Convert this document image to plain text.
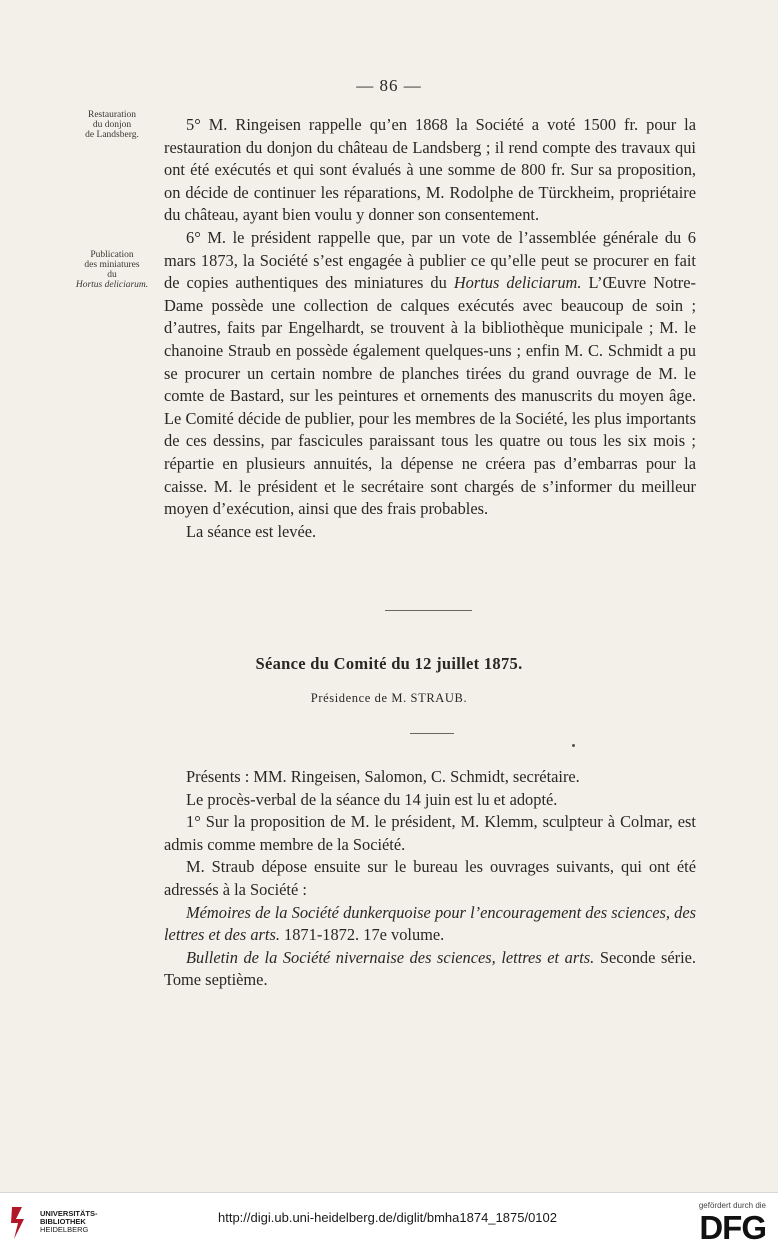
— 86 —
Restauration
du donjon
de Landsberg.
Publication
des miniatures
du
Hortus deliciarum.

5° M. Ringeisen rappelle qu’en 1868 la Société a voté 1500 fr. pour la restauration du donjon du château de Landsberg ; il rend compte des travaux qui ont été exécutés et qui sont évalués à une somme de 800 fr. Sur sa proposition, on décide de continuer les réparations, M. Rodolphe de Türckheim, propriétaire du château, ayant bien voulu y donner son consentement.

6° M. le président rappelle que, par un vote de l’assemblée générale du 6 mars 1873, la Société s’est engagée à publier ce qu’elle peut se procurer en fait de copies authentiques des miniatures du Hortus deliciarum. L’Œuvre Notre-Dame possède une collection de calques exécutés avec beaucoup de soin ; d’autres, faits par Engelhardt, se trouvent à la bibliothèque municipale ; M. le chanoine Straub en possède également quelques-uns ; enfin M. C. Schmidt a pu se procurer un certain nombre de planches tirées du grand ouvrage de M. le comte de Bastard, sur les peintures et ornements des manuscrits du moyen âge. Le Comité décide de publier, pour les membres de la Société, les plus importants de ces dessins, par fascicules paraissant tous les quatre ou tous les six mois ; répartie en plusieurs annuités, la dépense ne créera pas d’embarras pour la caisse. M. le président et le secrétaire sont chargés de s’informer du meilleur moyen d’exécution, ainsi que des frais probables.

La séance est levée.

Séance du Comité du 12 juillet 1875.
Présidence de M. STRAUB.

Présents : MM. Ringeisen, Salomon, C. Schmidt, secrétaire.

Le procès-verbal de la séance du 14 juin est lu et adopté.

1° Sur la proposition de M. le président, M. Klemm, sculpteur à Colmar, est admis comme membre de la Société.

M. Straub dépose ensuite sur le bureau les ouvrages suivants, qui ont été adressés à la Société :

Mémoires de la Société dunkerquoise pour l’encouragement des sciences, des lettres et des arts. 1871-1872. 17e volume.

Bulletin de la Société nivernaise des sciences, lettres et arts. Seconde série. Tome septième.

UNIVERSITÄTS-
BIBLIOTHEK
HEIDELBERG
http://digi.ub.uni-heidelberg.de/diglit/bmha1874_1875/0102
gefördert durch die
DFG
